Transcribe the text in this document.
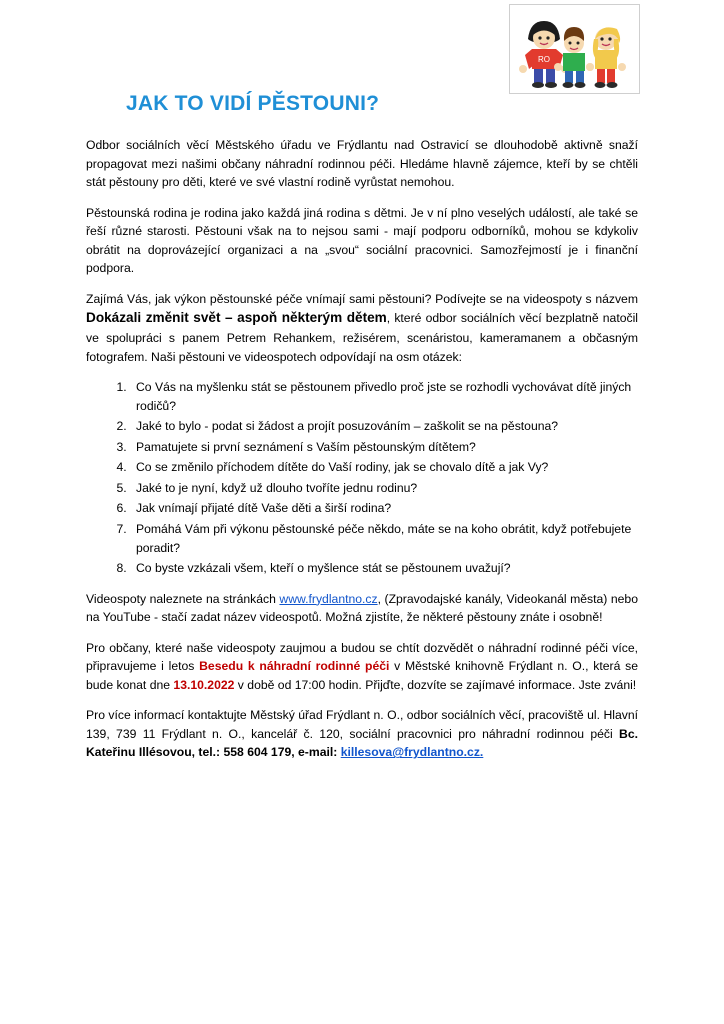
JAK TO VIDÍ PĚSTOUNI?
RO

Odbor sociálních věcí Městského úřadu ve Frýdlantu nad Ostravicí se dlouhodobě aktivně snaží propagovat mezi našimi občany náhradní rodinnou péči. Hledáme hlavně zájemce, kteří by se chtěli stát pěstouny pro děti, které ve své vlastní rodině vyrůstat nemohou.

Pěstounská rodina je rodina jako každá jiná rodina s dětmi. Je v ní plno veselých událostí, ale také se řeší různé starosti. Pěstouni však na to nejsou sami - mají podporu odborníků, mohou se kdykoliv obrátit na doprovázející organizaci a na „svou“ sociální pracovnici. Samozřejmostí je i finanční podpora.

Zajímá Vás, jak výkon pěstounské péče vnímají sami pěstouni? Podívejte se na videospoty s názvem Dokázali změnit svět – aspoň některým dětem, které odbor sociálních věcí bezplatně natočil ve spolupráci s panem Petrem Rehankem, režisérem, scenáristou, kameramanem a občasným fotografem. Naši pěstouni ve videospotech odpovídají na osm otázek:

1. Co Vás na myšlenku stát se pěstounem přivedlo proč jste se rozhodli vychovávat dítě jiných rodičů?
2. Jaké to bylo - podat si žádost a projít posuzováním – zaškolit se na pěstouna?
3. Pamatujete si první seznámení s Vaším pěstounským dítětem?
4. Co se změnilo příchodem dítěte do Vaší rodiny, jak se chovalo dítě a jak Vy?
5. Jaké to je nyní, když už dlouho tvoříte jednu rodinu?
6. Jak vnímají přijaté dítě Vaše děti a širší rodina?
7. Pomáhá Vám při výkonu pěstounské péče někdo, máte se na koho obrátit, když potřebujete poradit?
8. Co byste vzkázali všem, kteří o myšlence stát se pěstounem uvažují?

Videospoty naleznete na stránkách www.frydlantno.cz, (Zpravodajské kanály, Videokanál města) nebo na YouTube - stačí zadat název videospotů. Možná zjistíte, že některé pěstouny znáte i osobně!

Pro občany, které naše videospoty zaujmou a budou se chtít dozvědět o náhradní rodinné péči více, připravujeme i letos Besedu k náhradní rodinné péči v Městské knihovně Frýdlant n. O., která se bude konat dne 13.10.2022 v době od 17:00 hodin. Přijďte, dozvíte se zajímavé informace. Jste zváni!

Pro více informací kontaktujte Městský úřad Frýdlant n. O., odbor sociálních věcí, pracoviště ul. Hlavní 139, 739 11 Frýdlant n. O., kancelář č. 120, sociální pracovnici pro náhradní rodinnou péči Bc. Kateřinu Illésovou, tel.: 558 604 179, e-mail: killesova@frydlantno.cz.
